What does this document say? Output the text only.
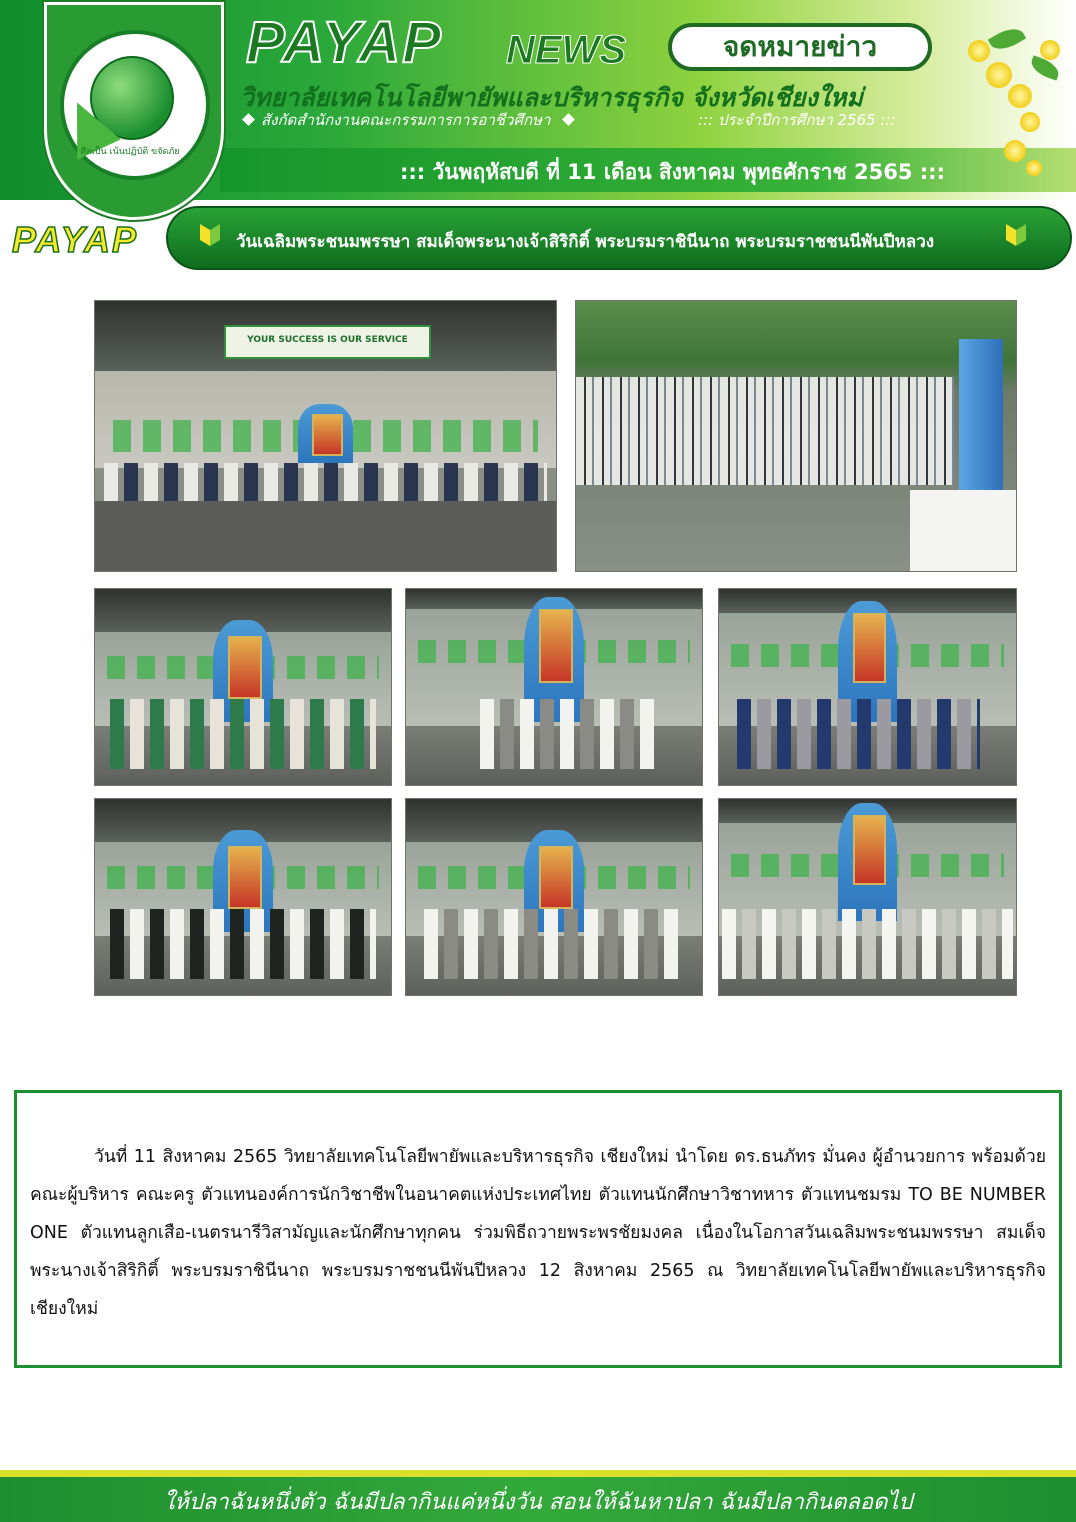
ศีลเป็น เน้นปฏิบัติ ขจัดภัย
PAYAP NEWS	จดหมายข่าว
วิทยาลัยเทคโนโลยีพายัพและบริหารธุรกิจ จังหวัดเชียงใหม่
สังกัดสำนักงานคณะกรรมการการอาชีวศึกษา	::: ประจำปีการศึกษา 2565 :::
::: วันพฤหัสบดี ที่ 11 เดือน สิงหาคม พุทธศักราช 2565 :::
PAYAP	วันเฉลิมพระชนมพรรษา สมเด็จพระนางเจ้าสิริกิติ์ พระบรมราชินีนาถ พระบรมราชชนนีพันปีหลวง
YOUR SUCCESS IS OUR SERVICE

วันที่ 11 สิงหาคม 2565 วิทยาลัยเทคโนโลยีพายัพและบริหารธุรกิจ เชียงใหม่ นำโดย ดร.ธนภัทร มั่นคง ผู้อำนวยการ พร้อมด้วยคณะผู้บริหาร คณะครู ตัวแทนองค์การนักวิชาชีพในอนาคตแห่งประเทศไทย ตัวแทนนักศึกษาวิชาทหาร ตัวแทนชมรม TO BE NUMBER ONE ตัวแทนลูกเสือ-เนตรนารีวิสามัญและนักศึกษาทุกคน ร่วมพิธีถวายพระพรชัยมงคล เนื่องในโอกาสวันเฉลิมพระชนมพรรษา สมเด็จพระนางเจ้าสิริกิติ์ พระบรมราชินีนาถ พระบรมราชชนนีพันปีหลวง 12 สิงหาคม 2565 ณ วิทยาลัยเทคโนโลยีพายัพและบริหารธุรกิจ เชียงใหม่

ให้ปลาฉันหนึ่งตัว ฉันมีปลากินแค่หนึ่งวัน สอนให้ฉันหาปลา ฉันมีปลากินตลอดไป
